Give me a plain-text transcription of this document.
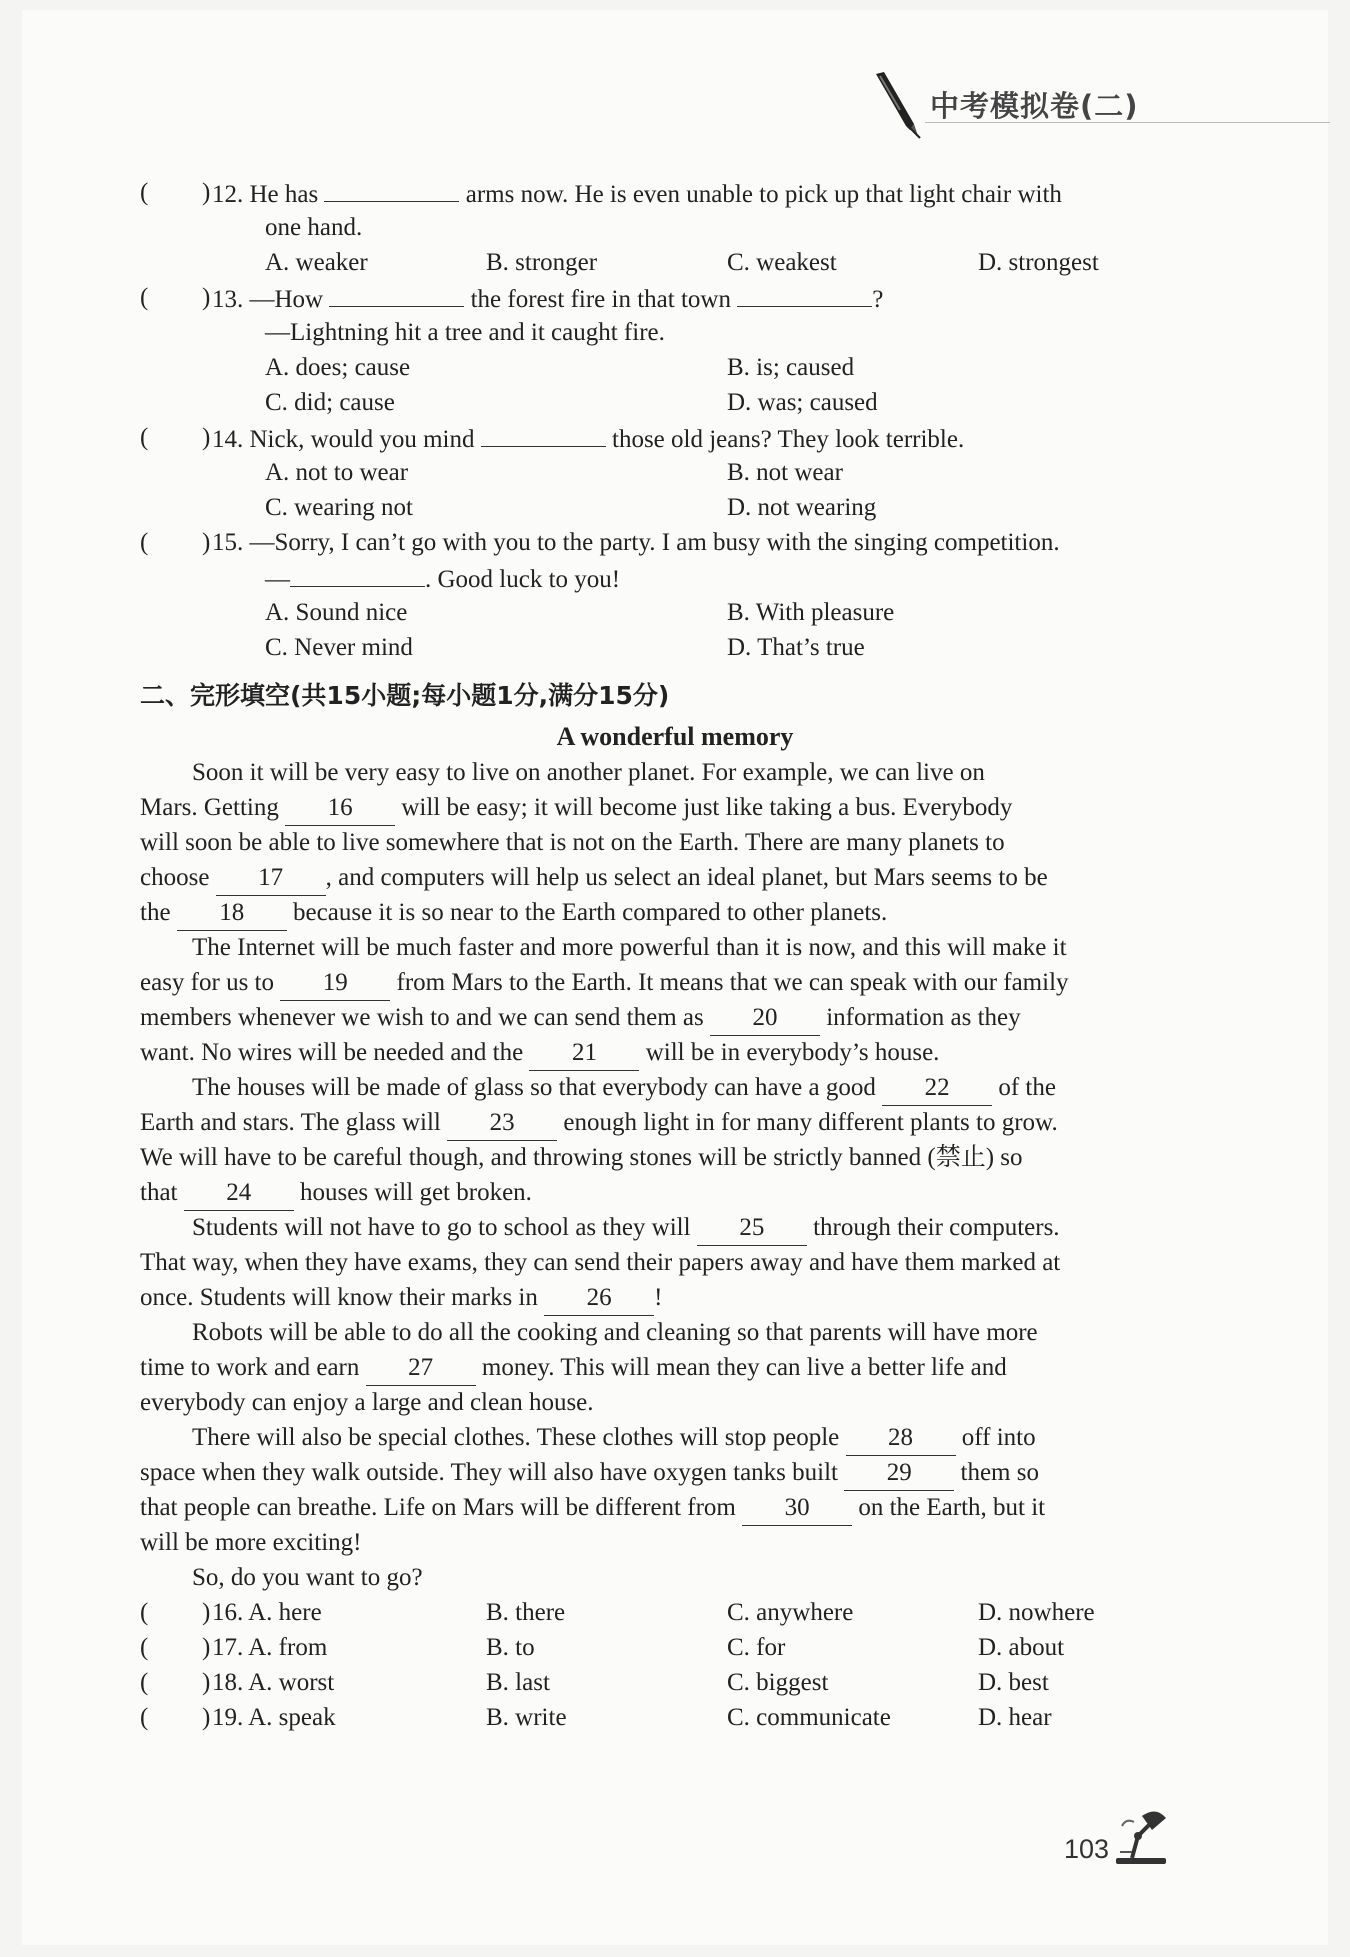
中考模拟卷(二)
( ) 12. He has	arms now. He is even unable to pick up that light chair with
one hand.
A. weaker	B. stronger	C. weakest	D. strongest
( ) 13. —How	the forest fire in that town	?
—Lightning hit a tree and it caught fire.
A. does; cause	B. is; caused
C. did; cause	D. was; caused
( ) 14. Nick, would you mind	those old jeans? They look terrible.
A. not to wear	B. not wear
C. wearing not	D. not wearing
( ) 15. —Sorry, I can’t go with you to the party. I am busy with the singing competition.
—	. Good luck to you!
A. Sound nice	B. With pleasure
C. Never mind	D. That’s true
二、完形填空(共15小题;每小题1分,满分15分)
A wonderful memory
Soon it will be very easy to live on another planet. For example, we can live on
Mars. Getting 16 will be easy; it will become just like taking a bus. Everybody
will soon be able to live somewhere that is not on the Earth. There are many planets to
choose 17 , and computers will help us select an ideal planet, but Mars seems to be
the 18 because it is so near to the Earth compared to other planets.
The Internet will be much faster and more powerful than it is now, and this will make it
easy for us to 19 from Mars to the Earth. It means that we can speak with our family
members whenever we wish to and we can send them as 20 information as they
want. No wires will be needed and the 21 will be in everybody’s house.
The houses will be made of glass so that everybody can have a good 22 of the
Earth and stars. The glass will 23 enough light in for many different plants to grow.
We will have to be careful though, and throwing stones will be strictly banned (禁止) so
that 24 houses will get broken.
Students will not have to go to school as they will 25 through their computers.
That way, when they have exams, they can send their papers away and have them marked at
once. Students will know their marks in 26 !
Robots will be able to do all the cooking and cleaning so that parents will have more
time to work and earn 27 money. This will mean they can live a better life and
everybody can enjoy a large and clean house.
There will also be special clothes. These clothes will stop people 28 off into
space when they walk outside. They will also have oxygen tanks built 29 them so
that people can breathe. Life on Mars will be different from 30 on the Earth, but it
will be more exciting!
So, do you want to go?
( ) 16. A. here	B. there	C. anywhere	D. nowhere
( ) 17. A. from	B. to	C. for	D. about
( ) 18. A. worst	B. last	C. biggest	D. best
( ) 19. A. speak	B. write	C. communicate	D. hear
103
